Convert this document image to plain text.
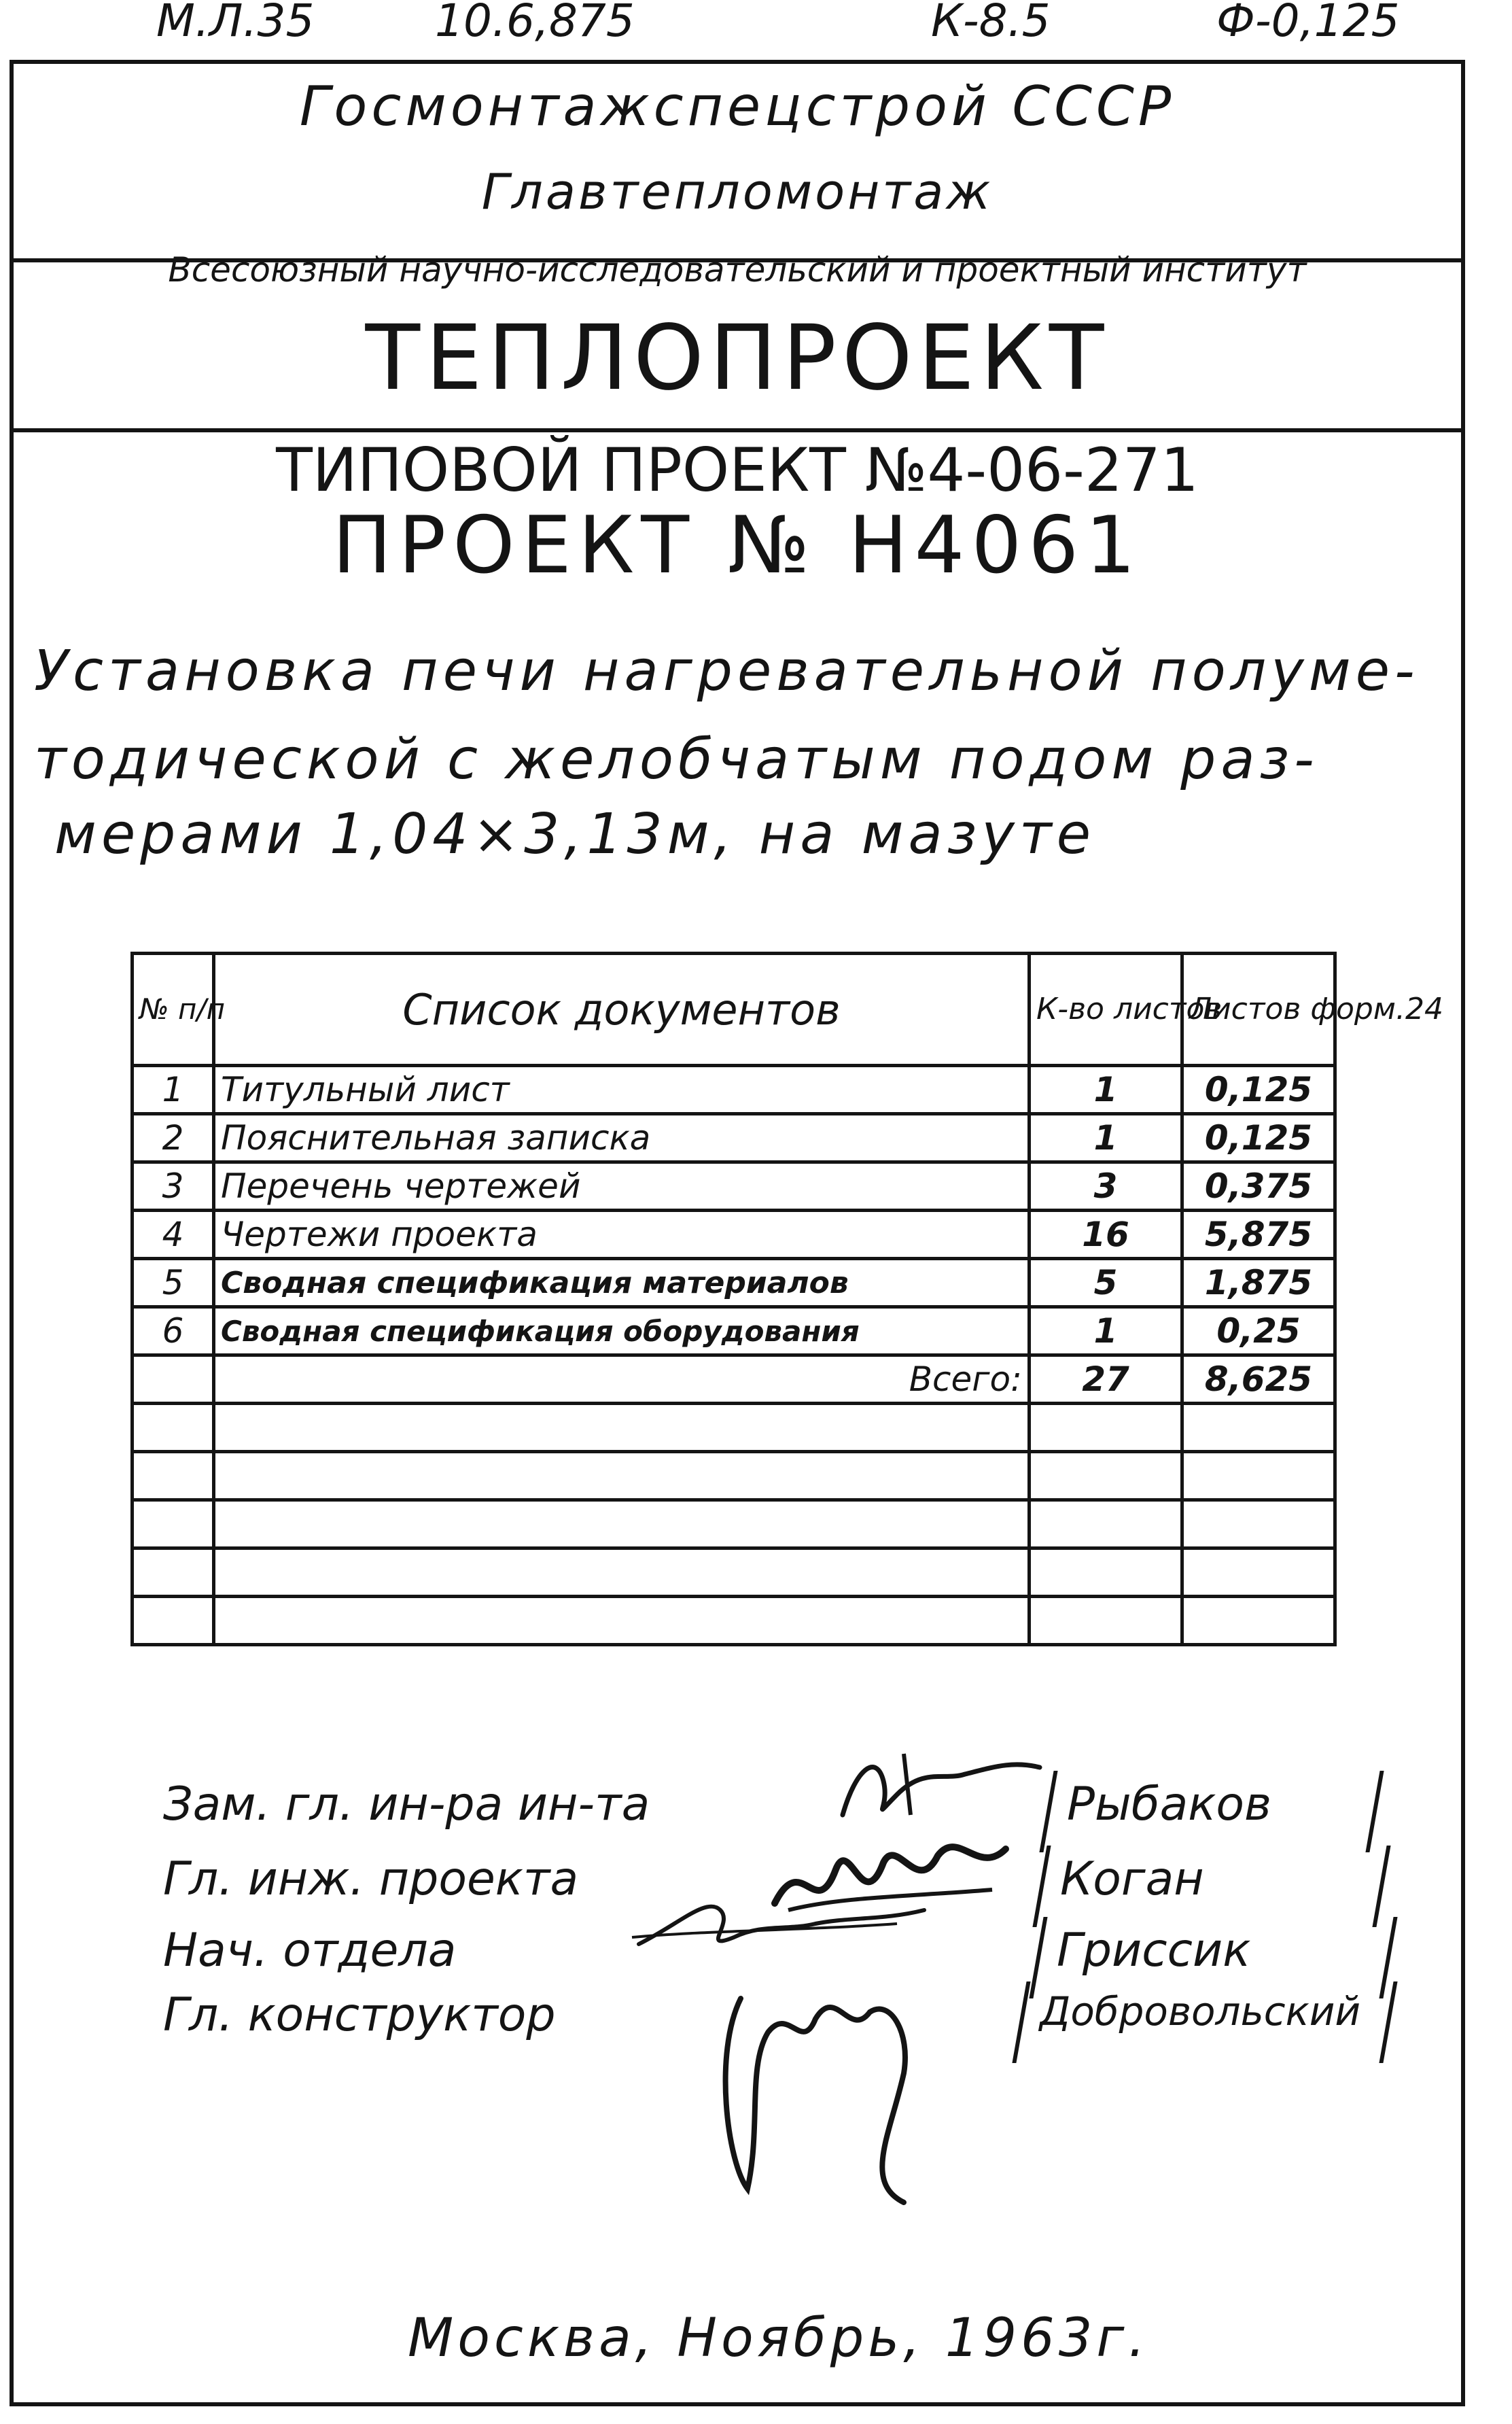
М.Л.35	10.6,875	К-8.5	Ф-0,125
Госмонтажспецстрой СССР
Главтепломонтаж
Всесоюзный научно-исследовательский и проектный институт
ТЕПЛОПРОЕКТ
ТИПОВОЙ ПРОЕКТ №4-06-271
ПРОЕКТ № Н4061
Установка печи нагревательной полуме-
тодической с желобчатым подом раз-
мерами 1,04×3,13м, на мазуте
№ п/п	Список документов	К-во листов	Листов форм.24
1	Титульный лист	1	0,125
2	Пояснительная записка	1	0,125
3	Перечень чертежей	3	0,375
4	Чертежи проекта	16	5,875
5	Сводная спецификация материалов	5	1,875
6	Сводная спецификация оборудования	1	0,25
	Всего:	27	8,625

Зам. гл. ин-ра ин-та	Рыбаков
Гл. инж. проекта	Коган
Нач. отдела	Гриссик
Гл. конструктор	Добровольский
Москва, Ноябрь, 1963г.
